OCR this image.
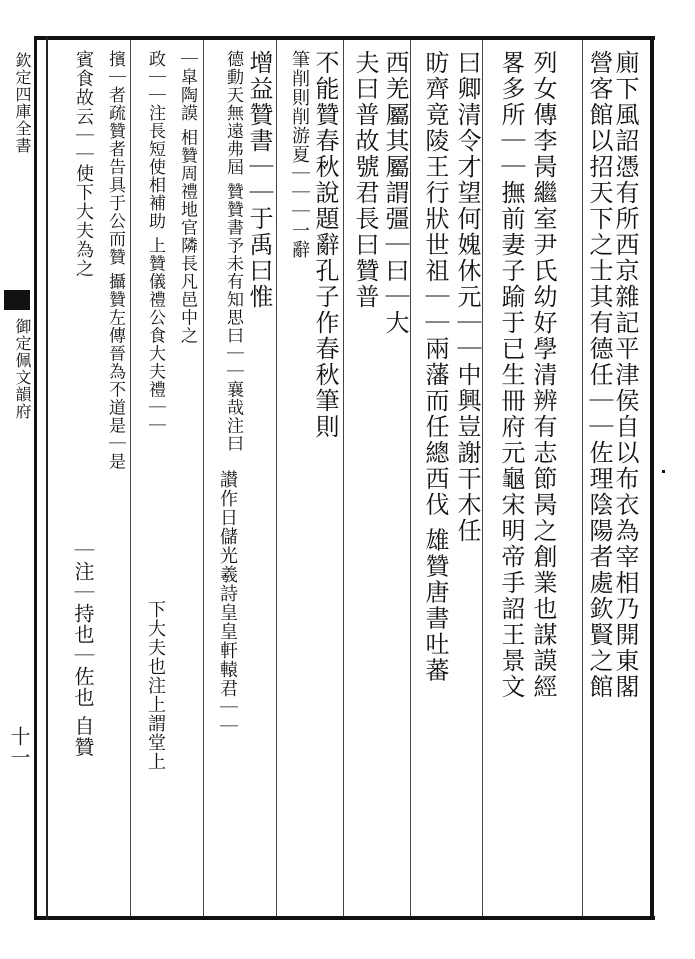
欽定四庫全書
御定佩文韻府
十一
廁下風詔憑有所西京雜記平津侯自以布衣為宰相乃開東閣
營客館以招天下之士其有德任｜｜佐理陰陽者處欽賢之館
列女傳李昺繼室尹氏幼好學清辨有志節昺之創業也謀謨經
畧多所｜｜撫前妻子踰于已生冊府元龜宋明帝手詔王景文
曰卿清令才望何媿休元｜｜中興豈謝干木任
昉齊竟陵王行狀世祖｜｜兩藩而任總西伐 雄贊唐書吐蕃
西羌屬其屬謂彊｜曰｜大
夫曰普故號君長曰贊普
不能贊春秋說題辭孔子作春秋筆則
筆削則削游夏｜｜｜一辭
增益贊書｜｜于禹曰惟
德動天無遠弗屆 贊贊書予未有知思曰｜｜襄哉注曰
讃作日儲光羲詩皇皇軒轅君｜｜
｜皐陶謨 相贊周禮地官隣長凡邑中之
政｜｜注長短使相補助 上贊儀禮公食大夫禮｜｜
下大夫也注上謂堂上
擯｜者疏贊者告具于公而贊 攝贊左傳晉為不道是｜是
賓食故云｜｜使下大夫為之
｜注｜持也｜佐也 自贊
